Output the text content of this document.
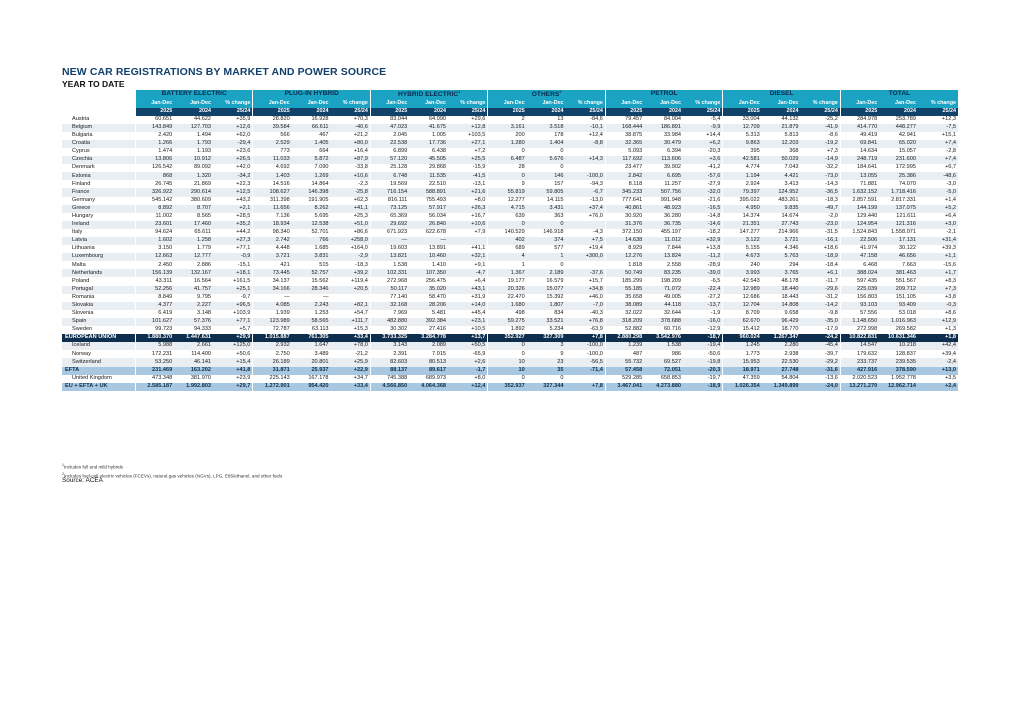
NEW CAR REGISTRATIONS BY MARKET AND POWER SOURCE
YEAR TO DATE
	BATTERY ELECTRIC			PLUG-IN HYBRID			HYBRID ELECTRIC$^1$			OTHERS$^2$			PETROL			DIESEL			TOTAL		
	Jan-Dec	Jan-Dec	% change	Jan-Dec	Jan-Dec	% change	Jan-Dec	Jan-Dec	% change	Jan-Dec	Jan-Dec	% change	Jan-Dec	Jan-Dec	% change	Jan-Dec	Jan-Dec	% change	Jan-Dec	Jan-Dec	% change
	2025	2024	25/24	2025	2024	25/24	2025	2024	25/24	2025	2024	25/24	2025	2024	25/24	2025	2024	25/24	2025	2024	25/24
Austria	60.651	44.622	+35,9	28.820	16.928	+70,3	83.044	64.090	+29,6	2	13	-84,6	79.457	84.004	-5,4	33.004	44.132	-25,2	284.978	253.789	+12,3
Belgium	143.849	127.703	+12,6	39.584	66.611	-40,6	47.023	41.675	+12,8	3.161	3.518	-10,1	168.444	186.891	-9,9	12.709	21.879	-41,9	414.770	448.277	-7,5
Bulgaria	2.420	1.494	+62,0	566	467	+21,2	2.045	1.005	+103,5	200	178	+12,4	38.875	33.984	+14,4	5.313	5.813	-8,6	49.419	42.941	+15,1
Croatia	1.266	1.793	-29,4	2.529	1.405	+80,0	22.538	17.736	+27,1	1.280	1.404	-8,8	32.365	30.479	+6,2	9.863	12.203	-19,2	69.841	65.020	+7,4
Cyprus	1.474	1.193	+23,6	773	664	+16,4	6.899	6.438	+7,2	0	0		5.093	6.394	-20,3	395	368	+7,3	14.634	15.057	-2,8
Czechia	13.806	10.912	+26,5	11.033	5.872	+87,9	57.120	45.505	+25,5	6.487	5.676	+14,3	117.692	113.606	+3,6	42.581	50.029	-14,9	248.719	231.600	+7,4
Denmark	126.542	89.092	+42,0	4.692	7.090	-33,8	25.128	29.868	-15,9	28	0		23.477	39.902	-41,2	4.774	7.043	-32,2	184.641	172.995	+6,7
Estonia	868	1.320	-34,2	1.403	1.269	+10,6	6.748	11.535	-41,5	0	146	-100,0	2.842	6.695	-57,6	1.194	4.421	-73,0	13.055	25.386	-48,6
Finland	26.745	21.869	+22,3	14.516	14.864	-2,3	19.569	22.510	-13,1	9	157	-94,3	8.118	11.257	-27,9	2.924	3.413	-14,3	71.881	74.070	-3,0
France	326.922	290.614	+12,5	108.627	146.398	-25,8	716.154	588.891	+21,6	55.819	59.805	-6,7	345.233	507.756	-32,0	79.397	124.952	-36,5	1.632.152	1.718.416	-5,0
Germany	545.142	380.609	+43,2	311.398	191.905	+62,3	816.111	755.493	+8,0	12.277	14.115	-13,0	777.641	991.948	-21,6	395.022	483.261	-18,3	2.857.591	2.817.331	+1,4
Greece	8.892	8.707	+2,1	11.656	8.262	+41,1	73.125	57.917	+26,3	4.715	3.431	+37,4	40.861	48.923	-16,5	4.950	9.835	-49,7	144.199	137.075	+5,2
Hungary	11.002	8.565	+28,5	7.136	5.695	+25,3	65.369	56.034	+16,7	639	363	+76,0	30.920	36.280	-14,8	14.374	14.674	-2,0	129.440	121.611	+6,4
Ireland	23.601	17.460	+35,2	18.934	12.538	+51,0	29.692	26.840	+10,6	0	0		31.376	36.735	-14,6	21.351	27.743	-23,0	124.954	121.316	+3,0
Italy	94.624	65.611	+44,2	98.340	52.701	+86,6	671.923	622.678	+7,9	140.529	146.918	-4,3	372.150	455.197	-18,2	147.277	214.966	-31,5	1.524.843	1.558.071	-2,1
Latvia	1.602	1.258	+27,3	2.742	766	+258,0	—	—		402	374	+7,5	14.638	11.012	+32,9	3.122	3.721	-16,1	22.506	17.131	+31,4
Lithuania	3.150	1.779	+77,1	4.448	1.685	+164,0	19.603	13.891	+41,1	689	577	+19,4	8.929	7.844	+13,8	5.155	4.346	+18,6	41.974	30.122	+39,3
Luxembourg	12.663	12.777	-0,9	3.721	3.831	-2,9	13.821	10.460	+32,1	4	1	+300,0	12.276	13.824	-11,2	4.673	5.763	-18,9	47.158	46.656	+1,1
Malta	2.450	2.886	-15,1	421	515	-18,3	1.538	1.410	+9,1	1	0		1.818	2.558	-28,9	240	294	-18,4	6.468	7.663	-15,6
Netherlands	156.139	132.167	+18,1	73.445	52.757	+39,2	102.331	107.350	-4,7	1.367	2.189	-37,6	50.749	83.235	-39,0	3.993	3.765	+6,1	388.024	381.463	+1,7
Poland	43.311	16.564	+161,5	34.137	15.562	+119,4	272.968	256.475	+6,4	19.177	16.579	+15,7	185.299	198.209	-6,5	42.543	48.178	-11,7	597.435	551.567	+8,3
Portugal	52.256	41.757	+25,1	34.166	28.346	+20,5	50.117	35.020	+43,1	20.326	15.077	+34,8	55.185	71.072	-22,4	12.989	18.440	-29,6	225.039	209.712	+7,3
Romania	8.849	9.795	-9,7	—	—		77.140	58.470	+31,9	22.470	15.392	+46,0	35.658	49.005	-27,2	12.686	18.443	-31,2	156.803	151.105	+3,8
Slovakia	4.377	2.227	+96,5	4.085	2.243	+82,1	32.168	28.206	+14,0	1.680	1.807	-7,0	38.089	44.118	-13,7	12.704	14.808	-14,2	93.103	93.409	-0,3
Slovenia	6.419	3.148	+103,9	1.939	1.253	+54,7	7.969	5.481	+45,4	498	834	-40,3	32.022	32.644	-1,9	8.709	9.658	-9,8	57.556	53.018	+8,6
Spain	101.627	57.376	+77,1	123.989	58.565	+111,7	482.880	392.384	+23,1	59.275	33.521	+76,8	318.209	378.688	-16,0	62.670	96.429	-35,0	1.148.650	1.016.963	+12,9
Sweden	99.723	94.333	+5,7	72.787	63.113	+15,3	30.302	27.416	+10,5	1.892	5.234	-63,9	52.882	60.716	-12,9	15.412	18.770	-17,9	272.998	269.582	+1,3
EUROPEAN UNION	1.880.370	1.447.631	+29,9	1.015.887	761.305	+33,4	3.733.325	3.284.778	+13,7	352.927	327.309	+7,8	2.880.298	3.542.976	-18,7	960.024	1.267.347	-24,2	10.822.831	10.631.346	+1,8
Iceland	5.988	2.661	+125,0	2.932	1.647	+78,0	3.143	2.089	+50,5	0	3	-100,0	1.239	1.538	-19,4	1.245	2.280	-45,4	14.547	10.218	+42,4
Norway	172.231	114.400	+50,6	2.750	3.489	-21,2	2.391	7.015	-65,9	0	9	-100,0	487	986	-50,6	1.773	2.938	-39,7	179.632	128.837	+39,4
Switzerland	53.250	46.141	+15,4	26.189	20.801	+25,9	82.603	80.513	+2,6	10	23	-56,5	55.732	69.527	-19,8	15.953	22.530	-29,2	233.737	239.535	-2,4
EFTA	231.469	163.202	+41,8	31.871	25.937	+22,9	88.137	89.617	-1,7	10	35	-71,4	57.458	72.051	-20,3	18.971	27.748	-31,6	427.916	378.590	+13,0
United Kingdom	473.348	381.970	+23,9	225.143	167.178	+34,7	745.388	689.973	+8,0	0	0		529.285	658.853	-19,7	47.359	54.804	-13,6	2.020.523	1.952.778	+3,5
EU + EFTA + UK	2.585.187	1.992.803	+29,7	1.272.901	954.420	+33,4	4.566.850	4.064.368	+12,4	352.937	327.344	+7,8	3.467.041	4.273.880	-18,9	1.026.354	1.349.899	-24,0	13.271.270	12.962.714	+2,4
$^1$Includes full and mild hybrids
$^2$Includes fuel-cell electric vehicles (FCEVs), natural gas vehicles (NGVs), LPG, E85/ethanol, and other fuels
Source: ACEA
